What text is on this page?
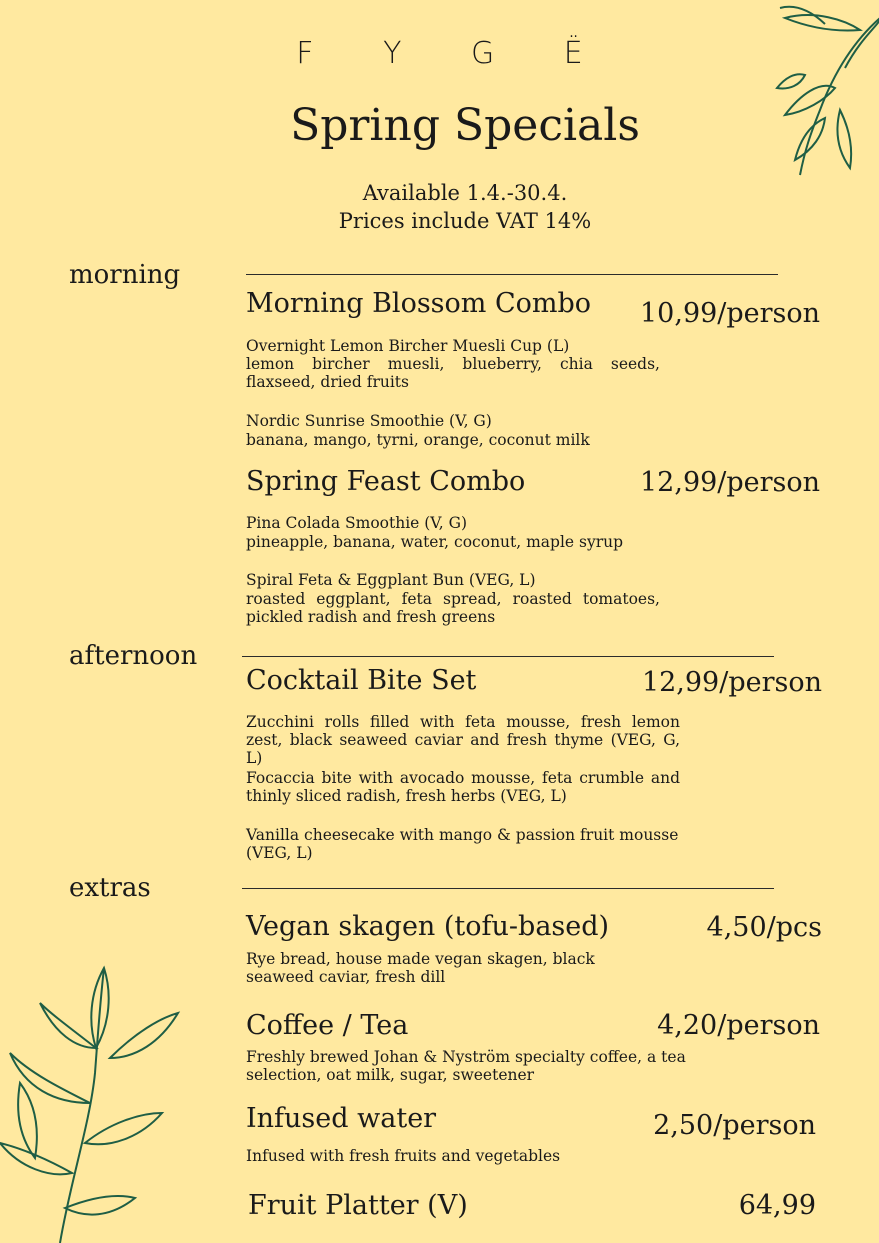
F Y G Ë
Spring Specials
Available 1.4.-30.4.
Prices include VAT 14%
morning
Morning Blossom Combo 10,99/person
Overnight Lemon Bircher Muesli Cup (L)
lemon bircher muesli, blueberry, chia seeds, flaxseed, dried fruits
Nordic Sunrise Smoothie (V, G)
banana, mango, tyrni, orange, coconut milk
Spring Feast Combo	12,99/person
Pina Colada Smoothie (V, G)
pineapple, banana, water, coconut, maple syrup
Spiral Feta & Eggplant Bun (VEG, L)
roasted eggplant, feta spread, roasted tomatoes, pickled radish and fresh greens
afternoon
Cocktail Bite Set	12,99/person
Zucchini rolls filled with feta mousse, fresh lemon zest, black seaweed caviar and fresh thyme (VEG, G, L)
Focaccia bite with avocado mousse, feta crumble and thinly sliced radish, fresh herbs (VEG, L)
Vanilla cheesecake with mango & passion fruit mousse (VEG, L)
extras
Vegan skagen (tofu-based)	4,50/pcs
Rye bread, house made vegan skagen, black seaweed caviar, fresh dill
Coffee / Tea	4,20/person
Freshly brewed Johan & Nyström specialty coffee, a tea selection, oat milk, sugar, sweetener
Infused water	2,50/person
Infused with fresh fruits and vegetables
Fruit Platter (V)	64,99
